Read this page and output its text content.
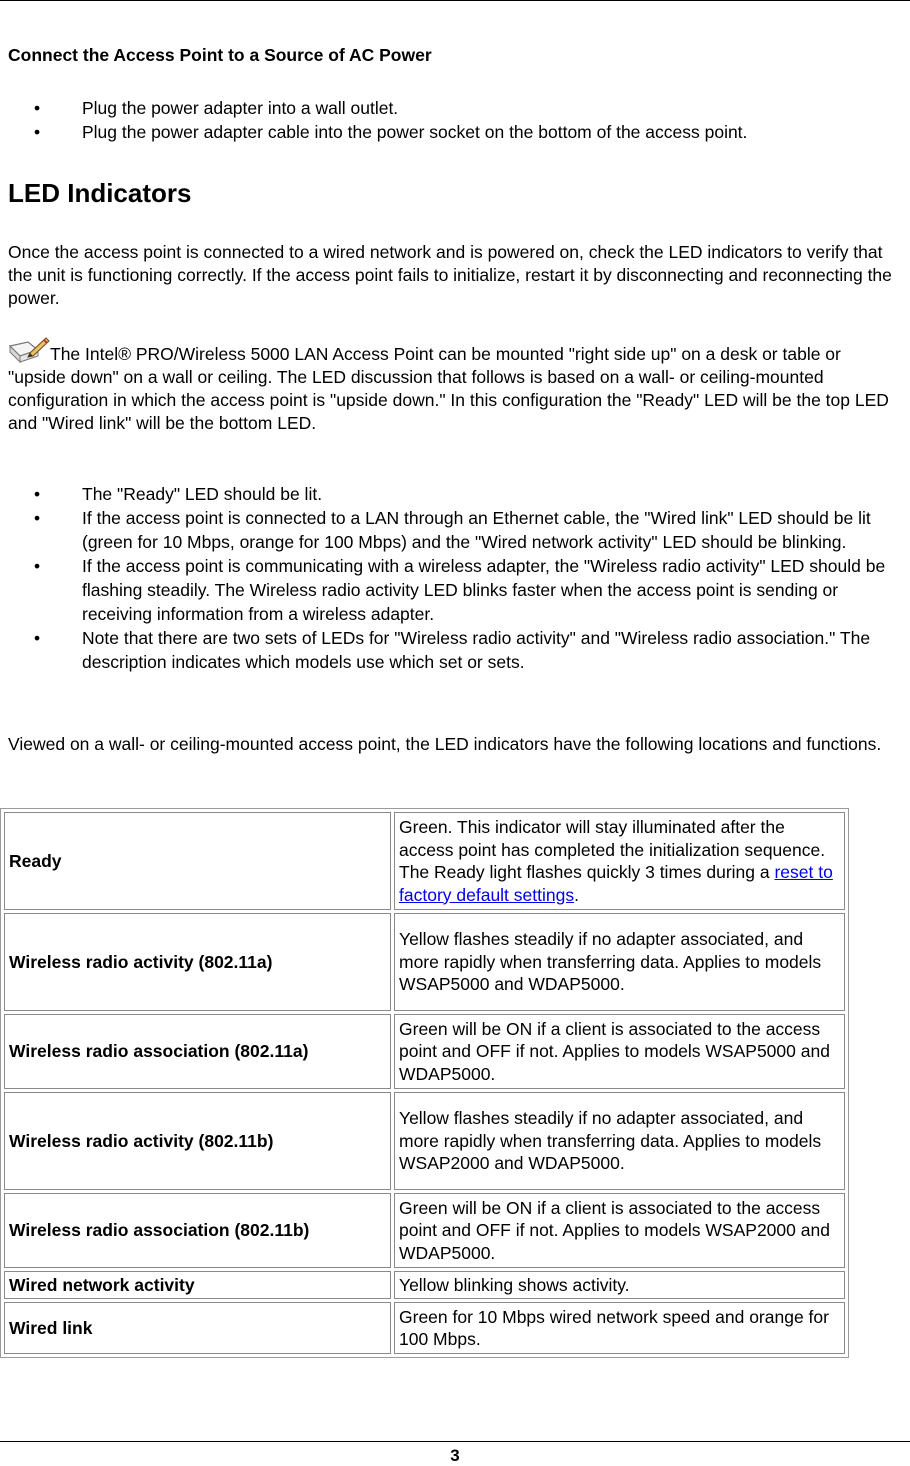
Connect the Access Point to a Source of AC Power
• Plug the power adapter into a wall outlet.
• Plug the power adapter cable into the power socket on the bottom of the access point.
LED Indicators

Once the access point is connected to a wired network and is powered on, check the LED indicators to verify that the unit is functioning correctly. If the access point fails to initialize, restart it by disconnecting and reconnecting the power.

The Intel® PRO/Wireless 5000 LAN Access Point can be mounted "right side up" on a desk or table or "upside down" on a wall or ceiling. The LED discussion that follows is based on a wall- or ceiling-mounted configuration in which the access point is "upside down." In this configuration the "Ready" LED will be the top LED and "Wired link" will be the bottom LED.

• The "Ready" LED should be lit.
• If the access point is connected to a LAN through an Ethernet cable, the "Wired link" LED should be lit (green for 10 Mbps, orange for 100 Mbps) and the "Wired network activity" LED should be blinking.
• If the access point is communicating with a wireless adapter, the "Wireless radio activity" LED should be flashing steadily. The Wireless radio activity LED blinks faster when the access point is sending or receiving information from a wireless adapter.
• Note that there are two sets of LEDs for "Wireless radio activity" and "Wireless radio association." The description indicates which models use which set or sets.

Viewed on a wall- or ceiling-mounted access point, the LED indicators have the following locations and functions.

Ready	Green. This indicator will stay illuminated after the access point has completed the initialization sequence. The Ready light flashes quickly 3 times during a reset to factory default settings.
Wireless radio activity (802.11a)	Yellow flashes steadily if no adapter associated, and more rapidly when transferring data. Applies to models WSAP5000 and WDAP5000.
Wireless radio association (802.11a)	Green will be ON if a client is associated to the access point and OFF if not. Applies to models WSAP5000 and WDAP5000.
Wireless radio activity (802.11b)	Yellow flashes steadily if no adapter associated, and more rapidly when transferring data. Applies to models WSAP2000 and WDAP5000.
Wireless radio association (802.11b)	Green will be ON if a client is associated to the access point and OFF if not. Applies to models WSAP2000 and WDAP5000.
Wired network activity	Yellow blinking shows activity.
Wired link	Green for 10 Mbps wired network speed and orange for 100 Mbps.
3
